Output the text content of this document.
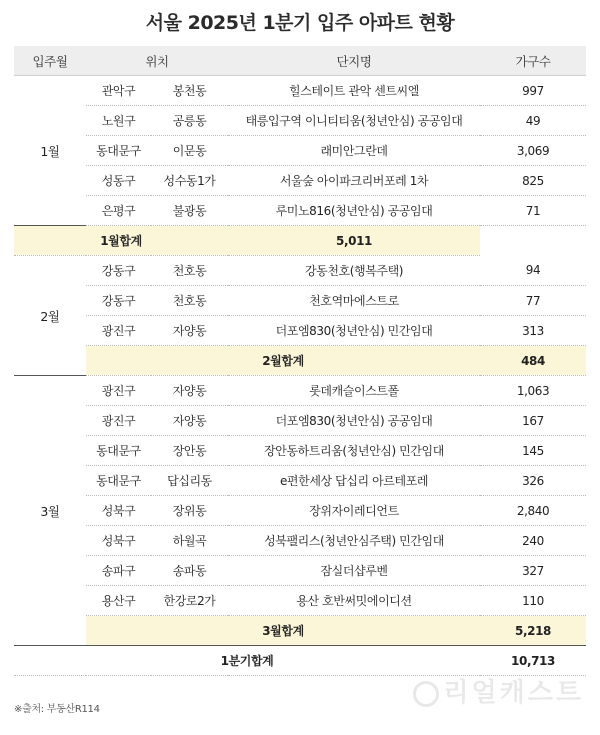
서울 2025년 1분기 입주 아파트 현황
입주월	위치		단지명	가구수
1월	관악구	봉천동	힐스테이트 관악 센트씨엘	997
	노원구	공릉동	태릉입구역 이니티티움(청년안심) 공공임대	49
	동대문구	이문동	래미안그란데	3,069
	성동구	성수동1가	서울숲 아이파크리버포레 1차	825
	은평구	불광동	루미노816(청년안심) 공공임대	71
1월합계			5,011	
2월	강동구	천호동	강동천호(행복주택)	94
	강동구	천호동	천호역마에스트로	77
	광진구	자양동	더포엠830(청년안심) 민간임대	313
	2월합계			484
3월	광진구	자양동	롯데캐슬이스트폴	1,063
	광진구	자양동	더포엠830(청년안심) 공공임대	167
	동대문구	장안동	장안동하트리움(청년안심) 민간임대	145
	동대문구	답십리동	e편한세상 답십리 아르테포레	326
	성북구	장위동	장위자이레디언트	2,840
	성북구	하월곡	성북팰리스(청년안심주택) 민간임대	240
	송파구	송파동	잠실더샵루벤	327
	용산구	한강로2가	용산 호반써밋에이디션	110
	3월합계			5,218
1분기합계				10,713
※출처: 부동산R114
리얼캐스트
